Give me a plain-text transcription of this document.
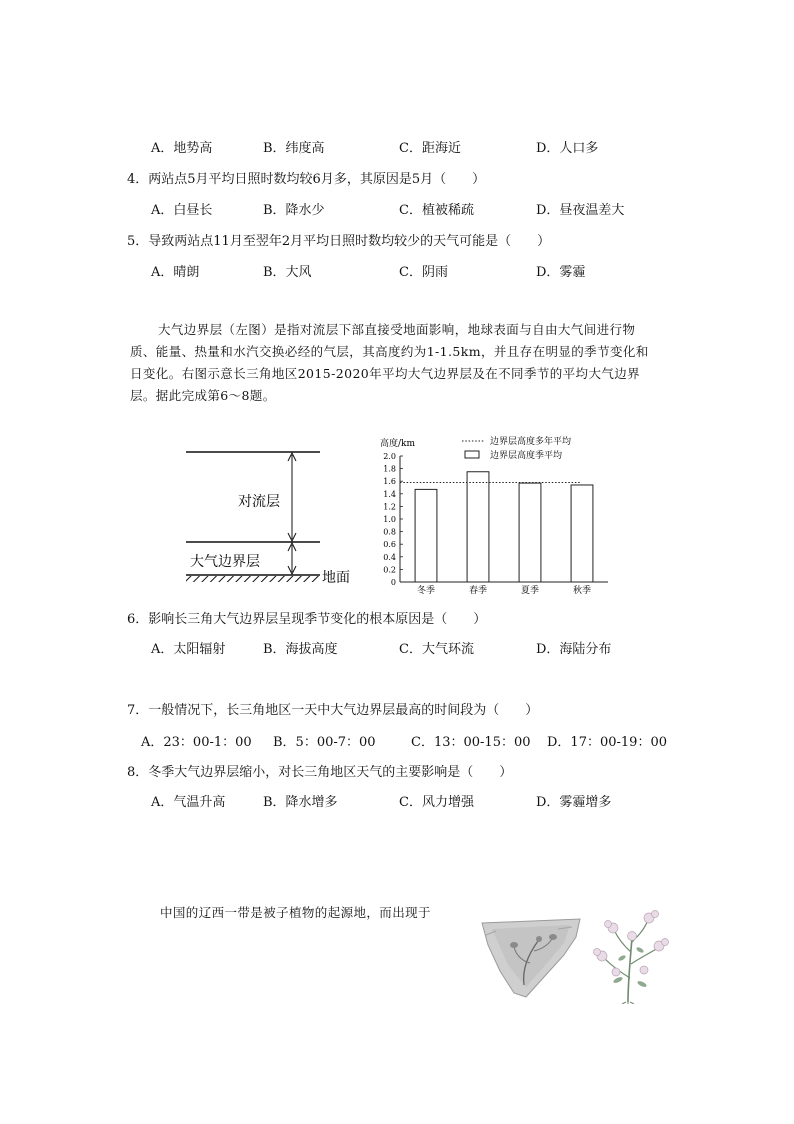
A．地势高	B．纬度高	C．距海近	D．人口多
4．两站点5月平均日照时数均较6月多，其原因是5月（　　）
A．白昼长	B．降水少	C．植被稀疏	D．昼夜温差大
5．导致两站点11月至翌年2月平均日照时数均较少的天气可能是（　　）
A．晴朗	B．大风	C．阴雨	D．雾霾
大气边界层（左图）是指对流层下部直接受地面影响，地球表面与自由大气间进行物
质、能量、热量和水汽交换必经的气层，其高度约为1-1.5km，并且存在明显的季节变化和
日变化。右图示意长三角地区2015-2020年平均大气边界层及在不同季节的平均大气边界
层。据此完成第6～8题。
对流层
大气边界层
地面	0
0.2
0.4
0.6
0.8
1.0
1.2
1.4
1.6
1.8
2.0
高度/km
冬季	春季	夏季	秋季
边界层高度多年平均
边界层高度季平均
6．影响长三角大气边界层呈现季节变化的根本原因是（　　）
A．太阳辐射	B．海拔高度	C．大气环流	D．海陆分布
7．一般情况下，长三角地区一天中大气边界层最高的时间段为（　　）
A．23：00-1：00 B．5：00-7：00	C．13：00-15：00 D．17：00-19：00
8．冬季大气边界层缩小，对长三角地区天气的主要影响是（　　）
A．气温升高	B．降水增多	C．风力增强	D．雾霾增多
中国的辽西一带是被子植物的起源地，而出现于
